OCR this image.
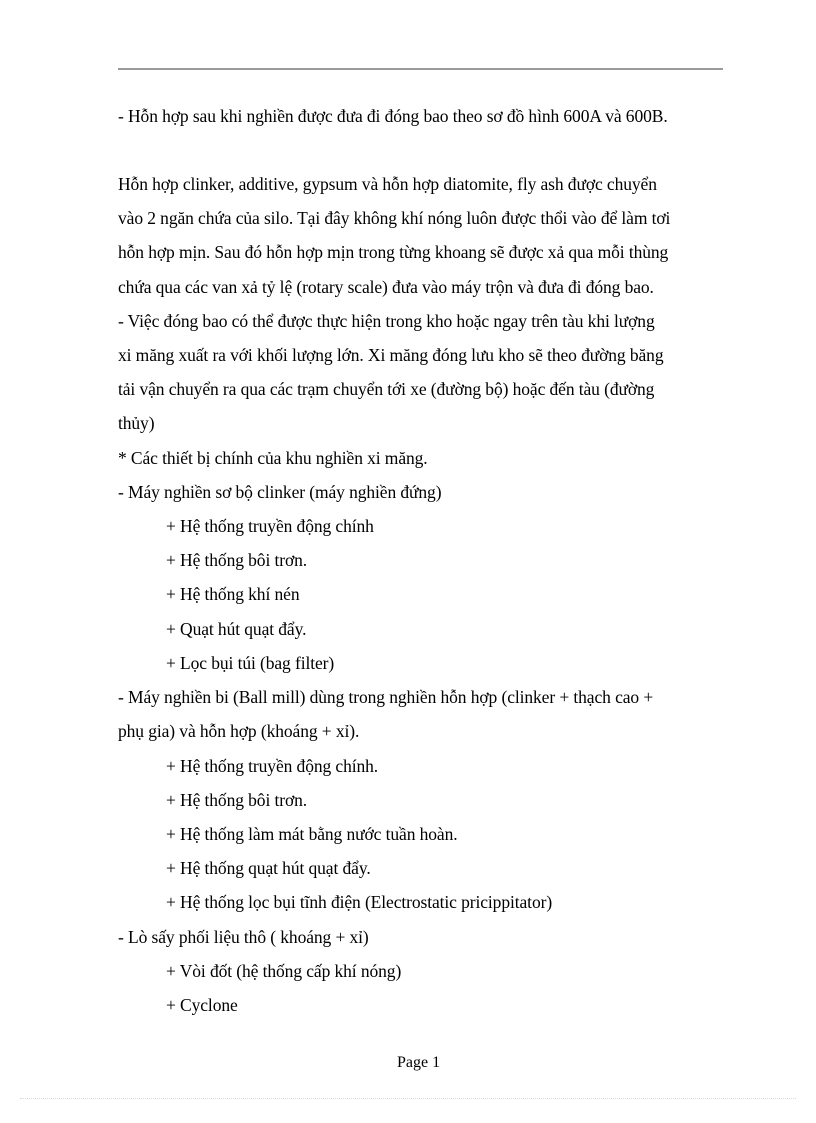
- Hỗn hợp sau khi nghiền được đưa đi đóng bao theo sơ đồ hình 600A và 600B.
Hỗn hợp clinker, additive, gypsum và hỗn hợp diatomite, fly ash được chuyển
vào 2 ngăn chứa của silo. Tại đây không khí nóng luôn được thổi vào để làm tơi
hỗn hợp mịn. Sau đó hỗn hợp mịn trong từng khoang sẽ được xả qua mỗi thùng
chứa qua các van xả tỷ lệ (rotary scale) đưa vào máy trộn và đưa đi đóng bao.
- Việc đóng bao có thể được thực hiện trong kho hoặc ngay trên tàu khi lượng
xi măng xuất ra với khối lượng lớn. Xi măng đóng lưu kho sẽ theo đường băng
tải vận chuyển ra qua các trạm chuyển tới xe (đường bộ) hoặc đến tàu (đường
thủy)
* Các thiết bị chính của khu nghiền xi măng.
- Máy nghiền sơ bộ clinker (máy nghiền đứng)
+ Hệ thống truyền động chính
+ Hệ thống bôi trơn.
+ Hệ thống khí nén
+ Quạt hút quạt đẩy.
+ Lọc bụi túi (bag filter)
- Máy nghiền bi (Ball mill) dùng trong nghiền hỗn hợp (clinker + thạch cao +
phụ gia) và hỗn hợp (khoáng + xỉ).
+ Hệ thống truyền động chính.
+ Hệ thống bôi trơn.
+ Hệ thống làm mát bằng nước tuần hoàn.
+ Hệ thống quạt hút quạt đẩy.
+ Hệ thống lọc bụi tĩnh điện (Electrostatic pricippitator)
- Lò sấy phối liệu thô ( khoáng + xỉ)
+ Vòi đốt (hệ thống cấp khí nóng)
+ Cyclone
Page 1
